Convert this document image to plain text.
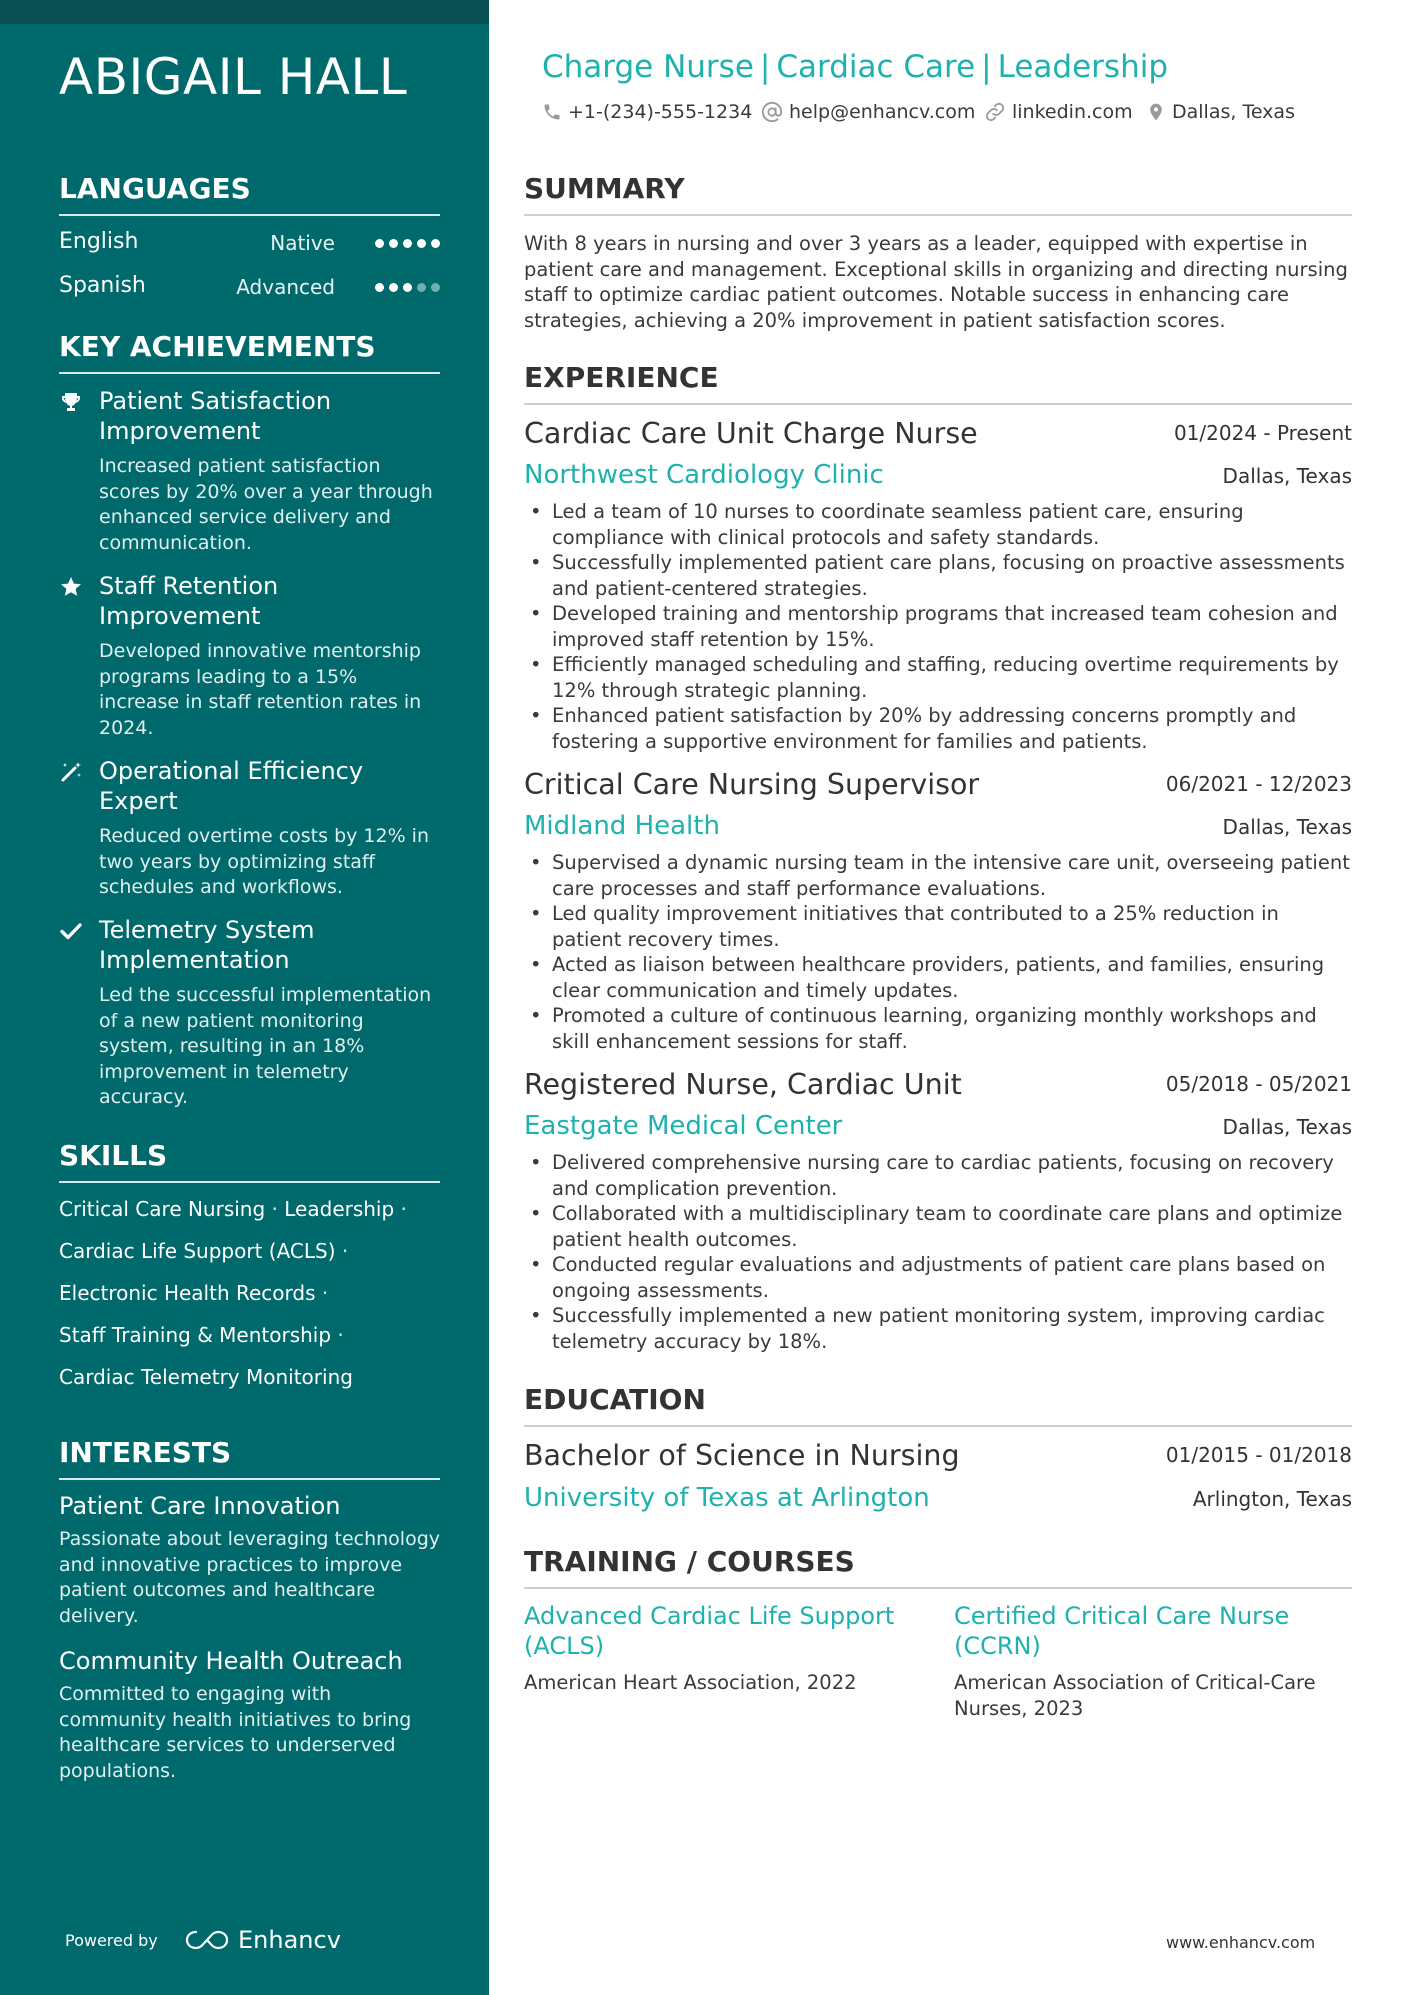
ABIGAIL HALL
LANGUAGES
English	Native
Spanish	Advanced
KEY ACHIEVEMENTS
Patient Satisfaction Improvement
Increased patient satisfaction scores by 20% over a year through enhanced service delivery and communication.
Staff Retention Improvement
Developed innovative mentorship programs leading to a 15% increase in staff retention rates in 2024.
Operational Efficiency Expert
Reduced overtime costs by 12% in two years by optimizing staff schedules and workflows.
Telemetry System Implementation
Led the successful implementation of a new patient monitoring system, resulting in an 18% improvement in telemetry accuracy.
SKILLS
Critical Care Nursing · Leadership ·
Cardiac Life Support (ACLS) ·
Electronic Health Records ·
Staff Training & Mentorship ·
Cardiac Telemetry Monitoring
INTERESTS
Patient Care Innovation
Passionate about leveraging technology and innovative practices to improve patient outcomes and healthcare delivery.
Community Health Outreach
Committed to engaging with community health initiatives to bring healthcare services to underserved populations.
Powered by	Enhancv
Charge Nurse | Cardiac Care | Leadership
+1-(234)-555-1234 help@enhancv.com linkedin.com Dallas, Texas
SUMMARY

With 8 years in nursing and over 3 years as a leader, equipped with expertise in patient care and management. Exceptional skills in organizing and directing nursing staff to optimize cardiac patient outcomes. Notable success in enhancing care strategies, achieving a 20% improvement in patient satisfaction scores.

EXPERIENCE
Cardiac Care Unit Charge Nurse	01/2024 - Present
Northwest Cardiology Clinic	Dallas, Texas
• Led a team of 10 nurses to coordinate seamless patient care, ensuring compliance with clinical protocols and safety standards.
• Successfully implemented patient care plans, focusing on proactive assessments and patient-centered strategies.
• Developed training and mentorship programs that increased team cohesion and improved staff retention by 15%.
• Efficiently managed scheduling and staffing, reducing overtime requirements by 12% through strategic planning.
• Enhanced patient satisfaction by 20% by addressing concerns promptly and fostering a supportive environment for families and patients.
Critical Care Nursing Supervisor	06/2021 - 12/2023
Midland Health	Dallas, Texas
• Supervised a dynamic nursing team in the intensive care unit, overseeing patient care processes and staff performance evaluations.
• Led quality improvement initiatives that contributed to a 25% reduction in patient recovery times.
• Acted as liaison between healthcare providers, patients, and families, ensuring clear communication and timely updates.
• Promoted a culture of continuous learning, organizing monthly workshops and skill enhancement sessions for staff.
Registered Nurse, Cardiac Unit	05/2018 - 05/2021
Eastgate Medical Center	Dallas, Texas
• Delivered comprehensive nursing care to cardiac patients, focusing on recovery and complication prevention.
• Collaborated with a multidisciplinary team to coordinate care plans and optimize patient health outcomes.
• Conducted regular evaluations and adjustments of patient care plans based on ongoing assessments.
• Successfully implemented a new patient monitoring system, improving cardiac telemetry accuracy by 18%.
EDUCATION
Bachelor of Science in Nursing	01/2015 - 01/2018
University of Texas at Arlington	Arlington, Texas
TRAINING / COURSES
Advanced Cardiac Life Support (ACLS)
American Heart Association, 2022
Certified Critical Care Nurse (CCRN)
American Association of Critical-Care Nurses, 2023
www.enhancv.com
